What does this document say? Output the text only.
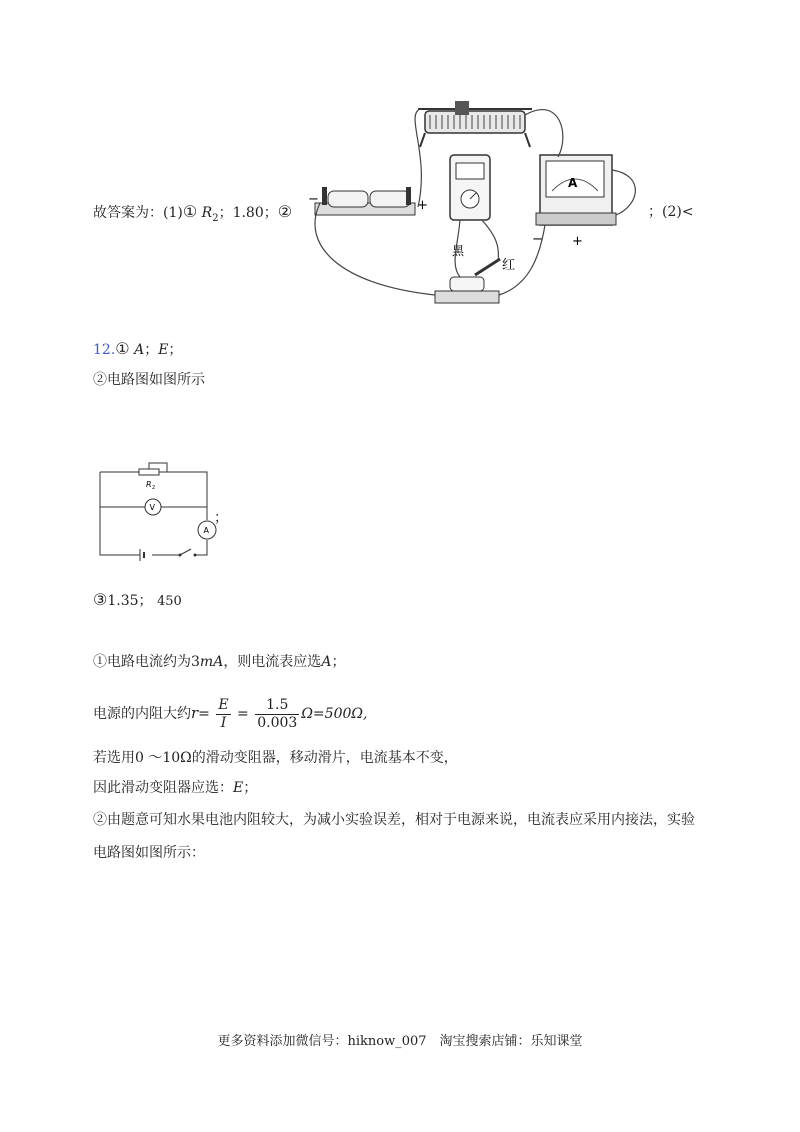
故答案为：(1)① $R_2$；1.80；②
−	+
A
− +
黑
红
；(2)<
12.① A；E；
②电路图如图所示
R 2
V
A
；
③1.35； 450
①电路电流约为3mA，则电流表应选A；
电源的内阻大约$r= \frac{E}{I} = \frac{1.5}{0.003} \Omega=500\Omega$,
若选用0 ～10Ω的滑动变阻器，移动滑片，电流基本不变，
因此滑动变阻器应选：E；
②由题意可知水果电池内阻较大，为减小实验误差，相对于电源来说，电流表应采用内接法，实验
电路图如图所示：
更多资料添加微信号：hiknow_007　淘宝搜索店铺：乐知课堂
